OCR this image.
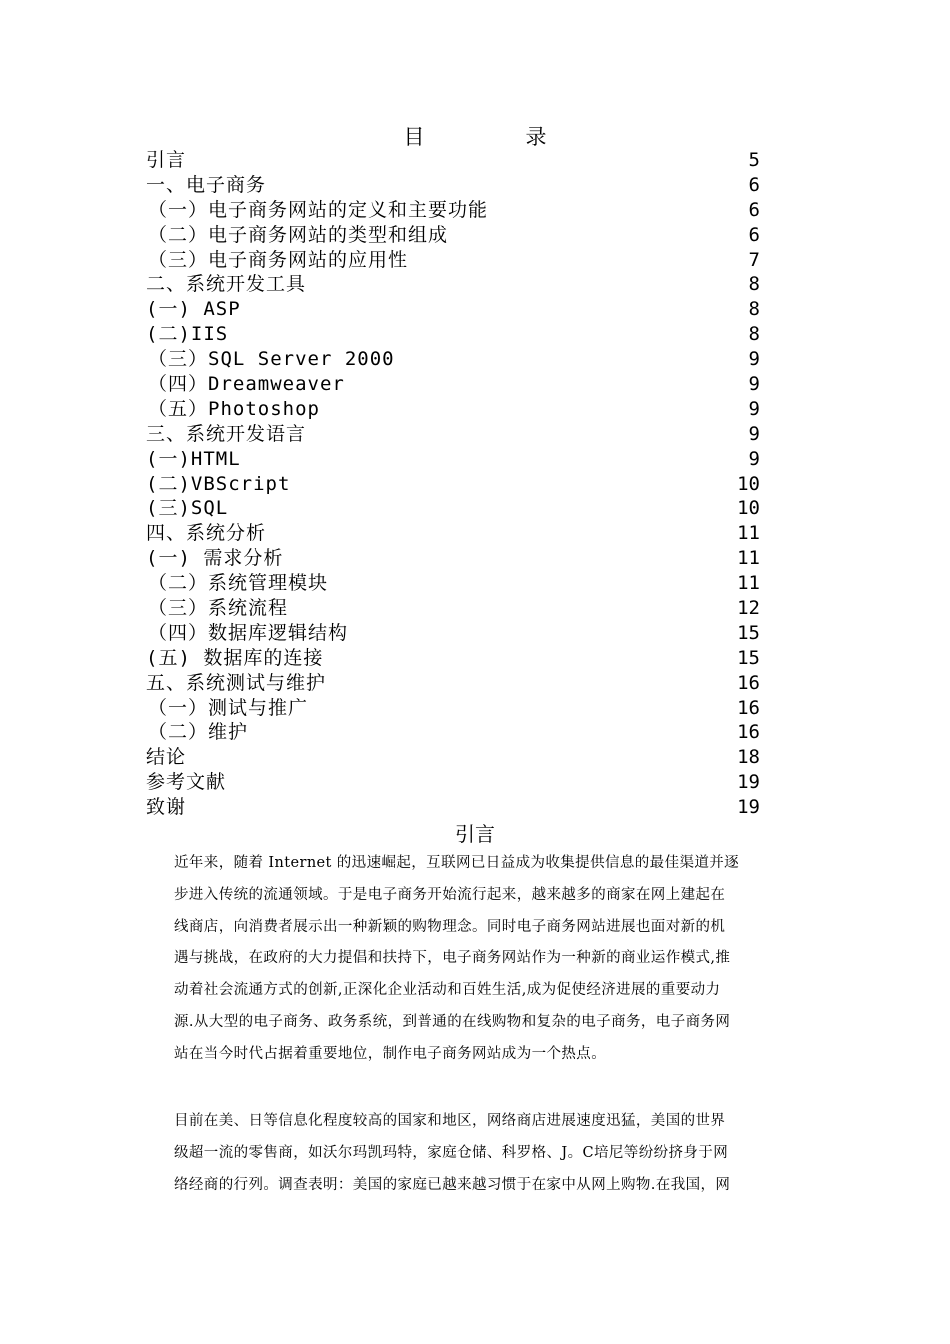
目　录
引言	5
一、电子商务	6
（一）电子商务网站的定义和主要功能	6
（二）电子商务网站的类型和组成	6
（三）电子商务网站的应用性	7
二、系统开发工具	8
(一) ASP	8
(二)IIS	8
（三）SQL Server 2000	9
（四）Dreamweaver	9
（五）Photoshop	9
三、系统开发语言	9
(一)HTML	9
(二)VBScript	10
(三)SQL	10
四、系统分析	11
(一) 需求分析	11
（二）系统管理模块	11
（三）系统流程	12
（四）数据库逻辑结构	15
(五) 数据库的连接	15
五、系统测试与维护	16
（一）测试与推广	16
（二）维护	16
结论	18
参考文献	19
致谢	19
引言
近年来，随着 Internet 的迅速崛起，互联网已日益成为收集提供信息的最佳渠道并逐
步进入传统的流通领域。于是电子商务开始流行起来，越来越多的商家在网上建起在
线商店，向消费者展示出一种新颖的购物理念。同时电子商务网站进展也面对新的机
遇与挑战，在政府的大力提倡和扶持下，电子商务网站作为一种新的商业运作模式,推
动着社会流通方式的创新,正深化企业活动和百姓生活,成为促使经济进展的重要动力
源.从大型的电子商务、政务系统，到普通的在线购物和复杂的电子商务，电子商务网
站在当今时代占据着重要地位，制作电子商务网站成为一个热点。
目前在美、日等信息化程度较高的国家和地区，网络商店进展速度迅猛，美国的世界
级超一流的零售商，如沃尔玛凯玛特，家庭仓储、科罗格、J。C培尼等纷纷挤身于网
络经商的行列。调查表明：美国的家庭已越来越习惯于在家中从网上购物.在我国，网
